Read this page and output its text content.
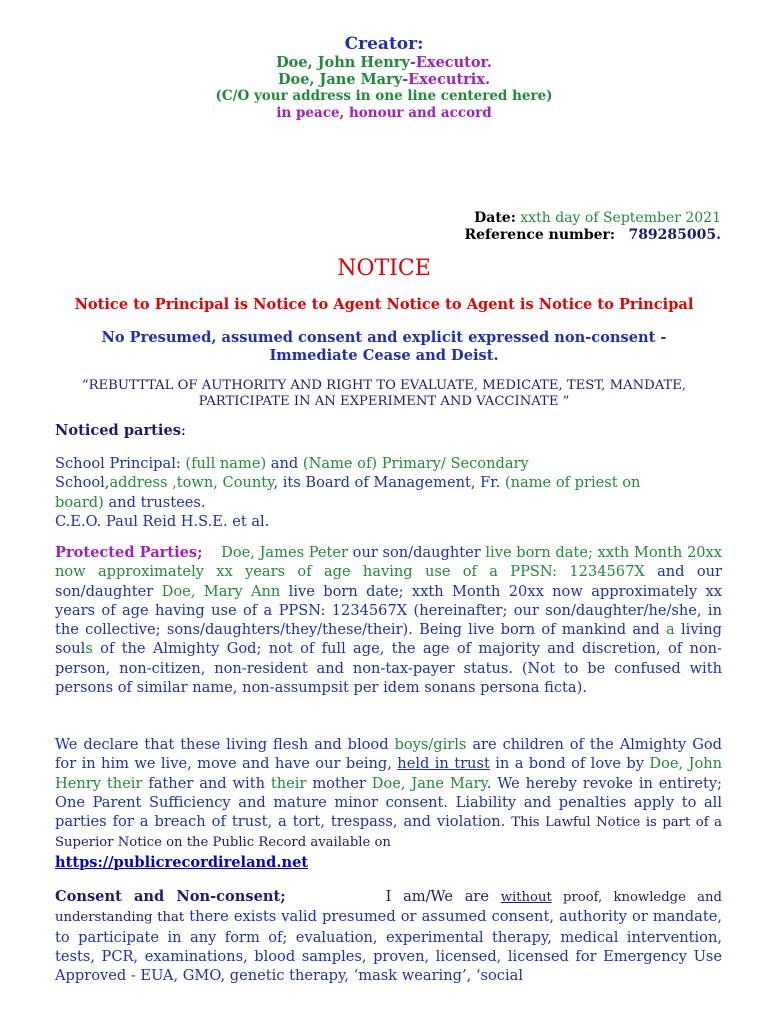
Creator:
Doe, John Henry-Executor.
Doe, Jane Mary-Executrix.
(C/O your address in one line centered here)
in peace, honour and accord
Date: xxth day of September 2021
Reference number: 789285005.
NOTICE
Notice to Principal is Notice to Agent Notice to Agent is Notice to Principal
No Presumed, assumed consent and explicit expressed non-consent -
Immediate Cease and Deist.
“REBUTTTAL OF AUTHORITY AND RIGHT TO EVALUATE, MEDICATE, TEST, MANDATE,
PARTICIPATE IN AN EXPERIMENT AND VACCINATE ”
Noticed parties:
School Principal: (full name) and (Name of) Primary/ Secondary
School,address ,town, County, its Board of Management, Fr. (name of priest on
board) and trustees.
C.E.O. Paul Reid H.S.E. et al.
Protected Parties; Doe, James Peter our son/daughter live born date; xxth Month 20xx now approximately xx years of age having use of a PPSN: 1234567X and our son/daughter Doe, Mary Ann live born date; xxth Month 20xx now approximately xx years of age having use of a PPSN: 1234567X (hereinafter; our son/daughter/he/she, in the collective; sons/daughters/they/these/their). Being live born of mankind and a living souls of the Almighty God; not of full age, the age of majority and discretion, of non-person, non-citizen, non-resident and non-tax-payer status. (Not to be confused with persons of similar name, non-assumpsit per idem sonans persona ficta).
We declare that these living flesh and blood boys/girls are children of the Almighty God for in him we live, move and have our being, held in trust in a bond of love by Doe, John Henry their father and with their mother Doe, Jane Mary. We hereby revoke in entirety; One Parent Sufficiency and mature minor consent. Liability and penalties apply to all parties for a breach of trust, a tort, trespass, and violation. This Lawful Notice is part of a Superior Notice on the Public Record available on
https://publicrecordireland.net
Consent and Non-consent;	I am/We are without proof, knowledge and understanding that there exists valid presumed or assumed consent, authority or mandate, to participate in any form of; evaluation, experimental therapy, medical intervention, tests, PCR, examinations, blood samples, proven, licensed, licensed for Emergency Use Approved - EUA, GMO, genetic therapy, ‘mask wearing’, ‘social
